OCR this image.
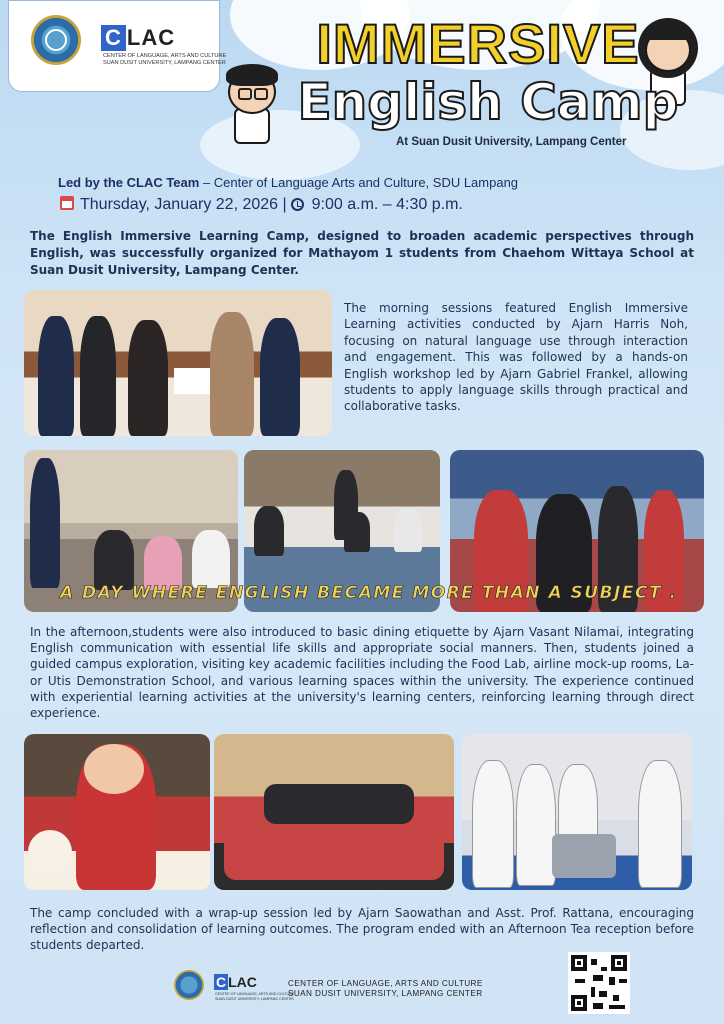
C LAC
CENTER OF LANGUAGE, ARTS AND CULTURE
SUAN DUSIT UNIVERSITY, LAMPANG CENTER	IMMERSIVE
English Camp
At Suan Dusit University, Lampang Center
Led by the CLAC Team – Center of Language Arts and Culture, SDU Lampang
Thursday, January 22, 2026 | 9:00 a.m. – 4:30 p.m.
The English Immersive Learning Camp, designed to broaden academic perspectives through English, was successfully organized for Mathayom 1 students from Chaehom Wittaya School at Suan Dusit University, Lampang Center.
The morning sessions featured English Immersive Learning activities conducted by Ajarn Harris Noh, focusing on natural language use through interaction and engagement. This was followed by a hands-on English workshop led by Ajarn Gabriel Frankel, allowing students to apply language skills through practical and collaborative tasks.
A DAY WHERE ENGLISH BECAME MORE THAN A SUBJECT .
In the afternoon,students were also introduced to basic dining etiquette by Ajarn Vasant Nilamai, integrating English communication with essential life skills and appropriate social manners. Then, students joined a guided campus exploration, visiting key academic facilities including the Food Lab, airline mock-up rooms, La-or Utis Demonstration School, and various learning spaces within the university. The experience continued with experiential learning activities at the university's learning centers, reinforcing learning through direct experience.
The camp concluded with a wrap-up session led by Ajarn Saowathan and Asst. Prof. Rattana, encouraging reflection and consolidation of learning outcomes. The program ended with an Afternoon Tea reception before students departed.
C LAC
CENTER OF LANGUAGE, ARTS AND CULTURE
SUAN DUSIT UNIVERSITY, LAMPANG CENTER
CENTER OF LANGUAGE, ARTS AND CULTURE
SUAN DUSIT UNIVERSITY, LAMPANG CENTER
